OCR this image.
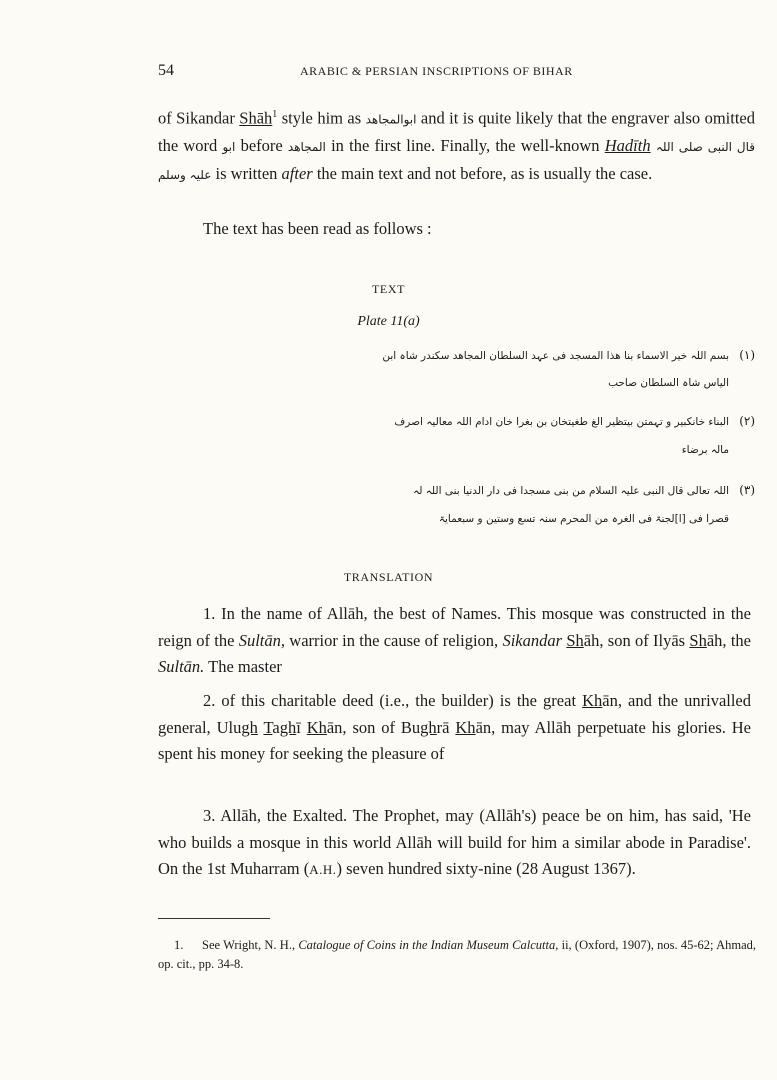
54	ARABIC & PERSIAN INSCRIPTIONS OF BIHAR
of Sikandar Shāh$^1$ style him as ابوالمجاهد and it is quite likely that the engraver also omitted the word ابو before المجاهد in the first line. Finally, the well-known Hadīth قال النبی صلی اللہ علیہ وسلم is written after the main text and not before, as is usually the case.
The text has been read as follows :
TEXT
Plate 11(a)
(۱)
بسم اللہ خیر الاسماء بنا ھذا المسجد فی عہد السلطان المجاھد سکندر شاہ ابن
الیاس شاہ السلطان صاحب
(۲)
البناء خانکبیر و تہمتن بیتظیر الغ طغیتخان بن بغرا خان ادام اللہ معالیہ اصرف
مالہ برضاء
(۳)
اللہ تعالی قال النبی علیہ السلام من بنی مسجدا فی دار الدنیا بنی اللہ لہ
قصرا فی [ا]لجنۃ فی الغرہ من المحرم سنہ تسع وستین و سبعمایۃ
TRANSLATION
1. In the name of Allāh, the best of Names. This mosque was constructed in the reign of the Sultān, warrior in the cause of religion, Sikandar Shāh, son of Ilyās Shāh, the Sultān. The master
2. of this charitable deed (i.e., the builder) is the great Khān, and the unrivalled general, Ulugh Taghī Khān, son of Bughrā Khān, may Allāh perpetuate his glories. He spent his money for seeking the pleasure of
3. Allāh, the Exalted. The Prophet, may (Allāh's) peace be on him, has said, 'He who builds a mosque in this world Allāh will build for him a similar abode in Paradise'. On the 1st Muharram (A.H.) seven hundred sixty-nine (28 August 1367).
1. See Wright, N. H., Catalogue of Coins in the Indian Museum Calcutta, ii, (Oxford, 1907), nos. 45-62; Ahmad, op. cit., pp. 34-8.
